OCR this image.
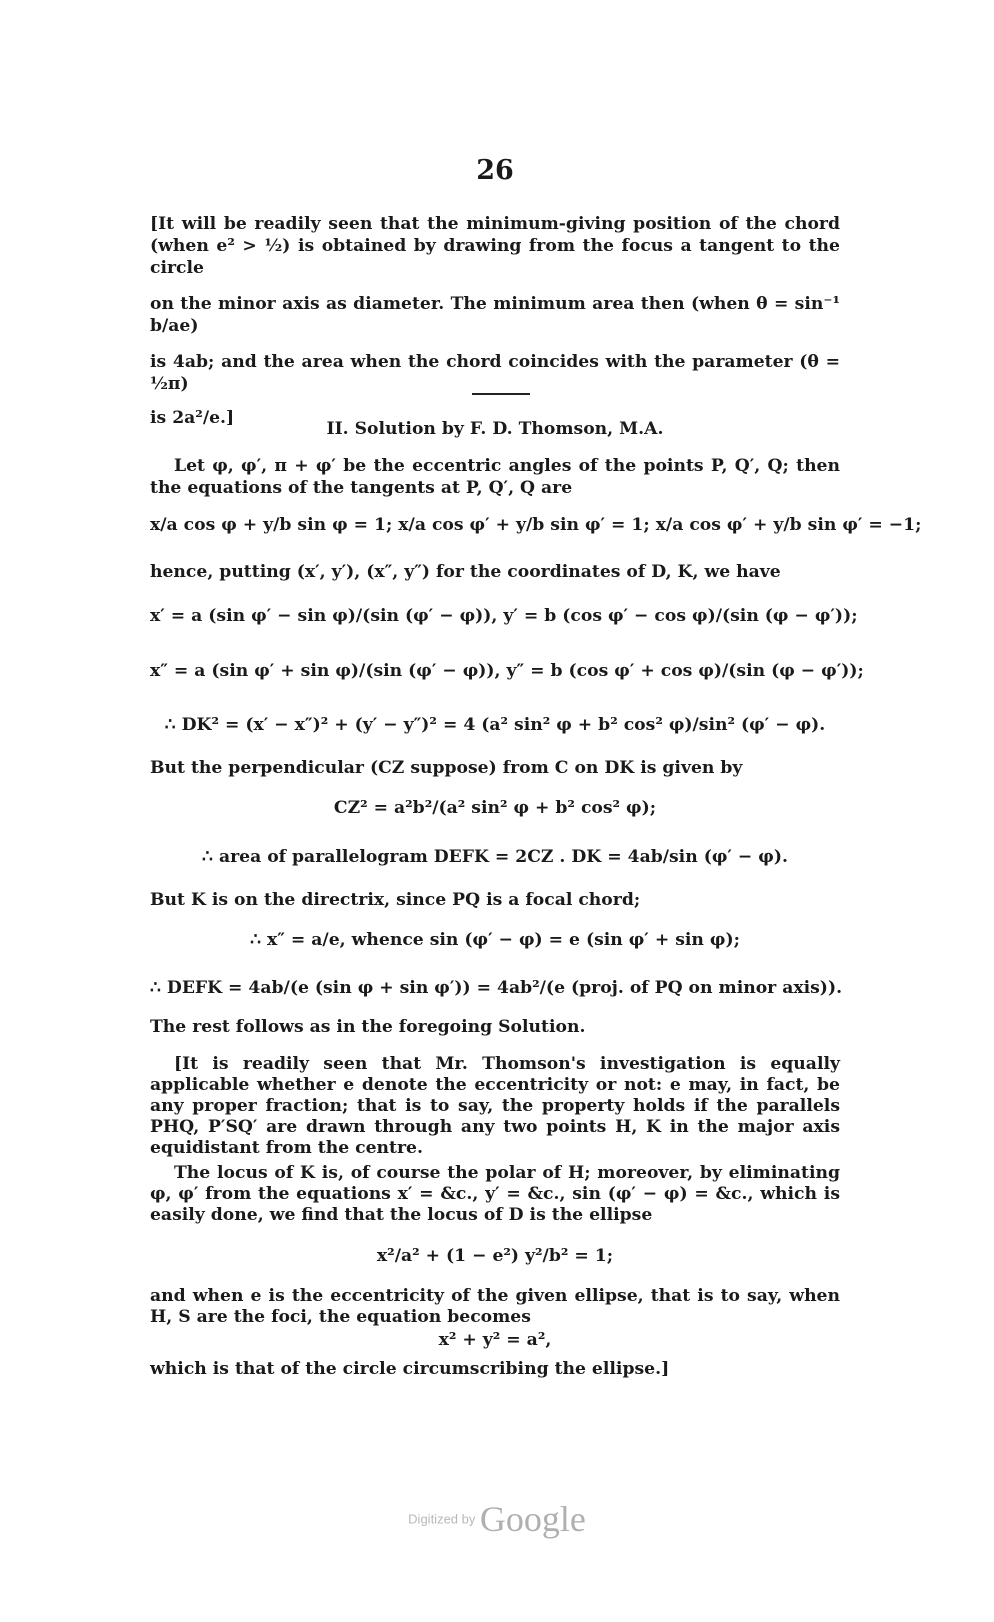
26

[It will be readily seen that the minimum-giving position of the chord (when e² > ½) is obtained by drawing from the focus a tangent to the circle

on the minor axis as diameter. The minimum area then (when θ = sin⁻¹ b/ae)

is 4ab; and the area when the chord coincides with the parameter (θ = ½π)

is 2a²/e.]

II. Solution by F. D. Thomson, M.A.

Let φ, φ′, π + φ′ be the eccentric angles of the points P, Q′, Q; then the equations of the tangents at P, Q′, Q are

x/a cos φ + y/b sin φ = 1; x/a cos φ′ + y/b sin φ′ = 1; x/a cos φ′ + y/b sin φ′ = −1;

hence, putting (x′, y′), (x″, y″) for the coordinates of D, K, we have

x′ = a (sin φ′ − sin φ)/(sin (φ′ − φ)), y′ = b (cos φ′ − cos φ)/(sin (φ − φ′));

x″ = a (sin φ′ + sin φ)/(sin (φ′ − φ)), y″ = b (cos φ′ + cos φ)/(sin (φ − φ′));

∴ DK² = (x′ − x″)² + (y′ − y″)² = 4 (a² sin² φ + b² cos² φ)/sin² (φ′ − φ).

But the perpendicular (CZ suppose) from C on DK is given by

CZ² = a²b²/(a² sin² φ + b² cos² φ);

∴ area of parallelogram DEFK = 2CZ . DK = 4ab/sin (φ′ − φ).

But K is on the directrix, since PQ is a focal chord;

∴ x″ = a/e, whence sin (φ′ − φ) = e (sin φ′ + sin φ);

∴ DEFK = 4ab/(e (sin φ + sin φ′)) = 4ab²/(e (proj. of PQ on minor axis)).

The rest follows as in the foregoing Solution.

[It is readily seen that Mr. Thomson's investigation is equally applicable whether e denote the eccentricity or not: e may, in fact, be any proper fraction; that is to say, the property holds if the parallels PHQ, P′SQ′ are drawn through any two points H, K in the major axis equidistant from the centre.

The locus of K is, of course the polar of H; moreover, by eliminating φ, φ′ from the equations x′ = &c., y′ = &c., sin (φ′ − φ) = &c., which is easily done, we find that the locus of D is the ellipse

x²/a² + (1 − e²) y²/b² = 1;

and when e is the eccentricity of the given ellipse, that is to say, when H, S are the foci, the equation becomes

x² + y² = a²,

which is that of the circle circumscribing the ellipse.]

Digitized by Google
